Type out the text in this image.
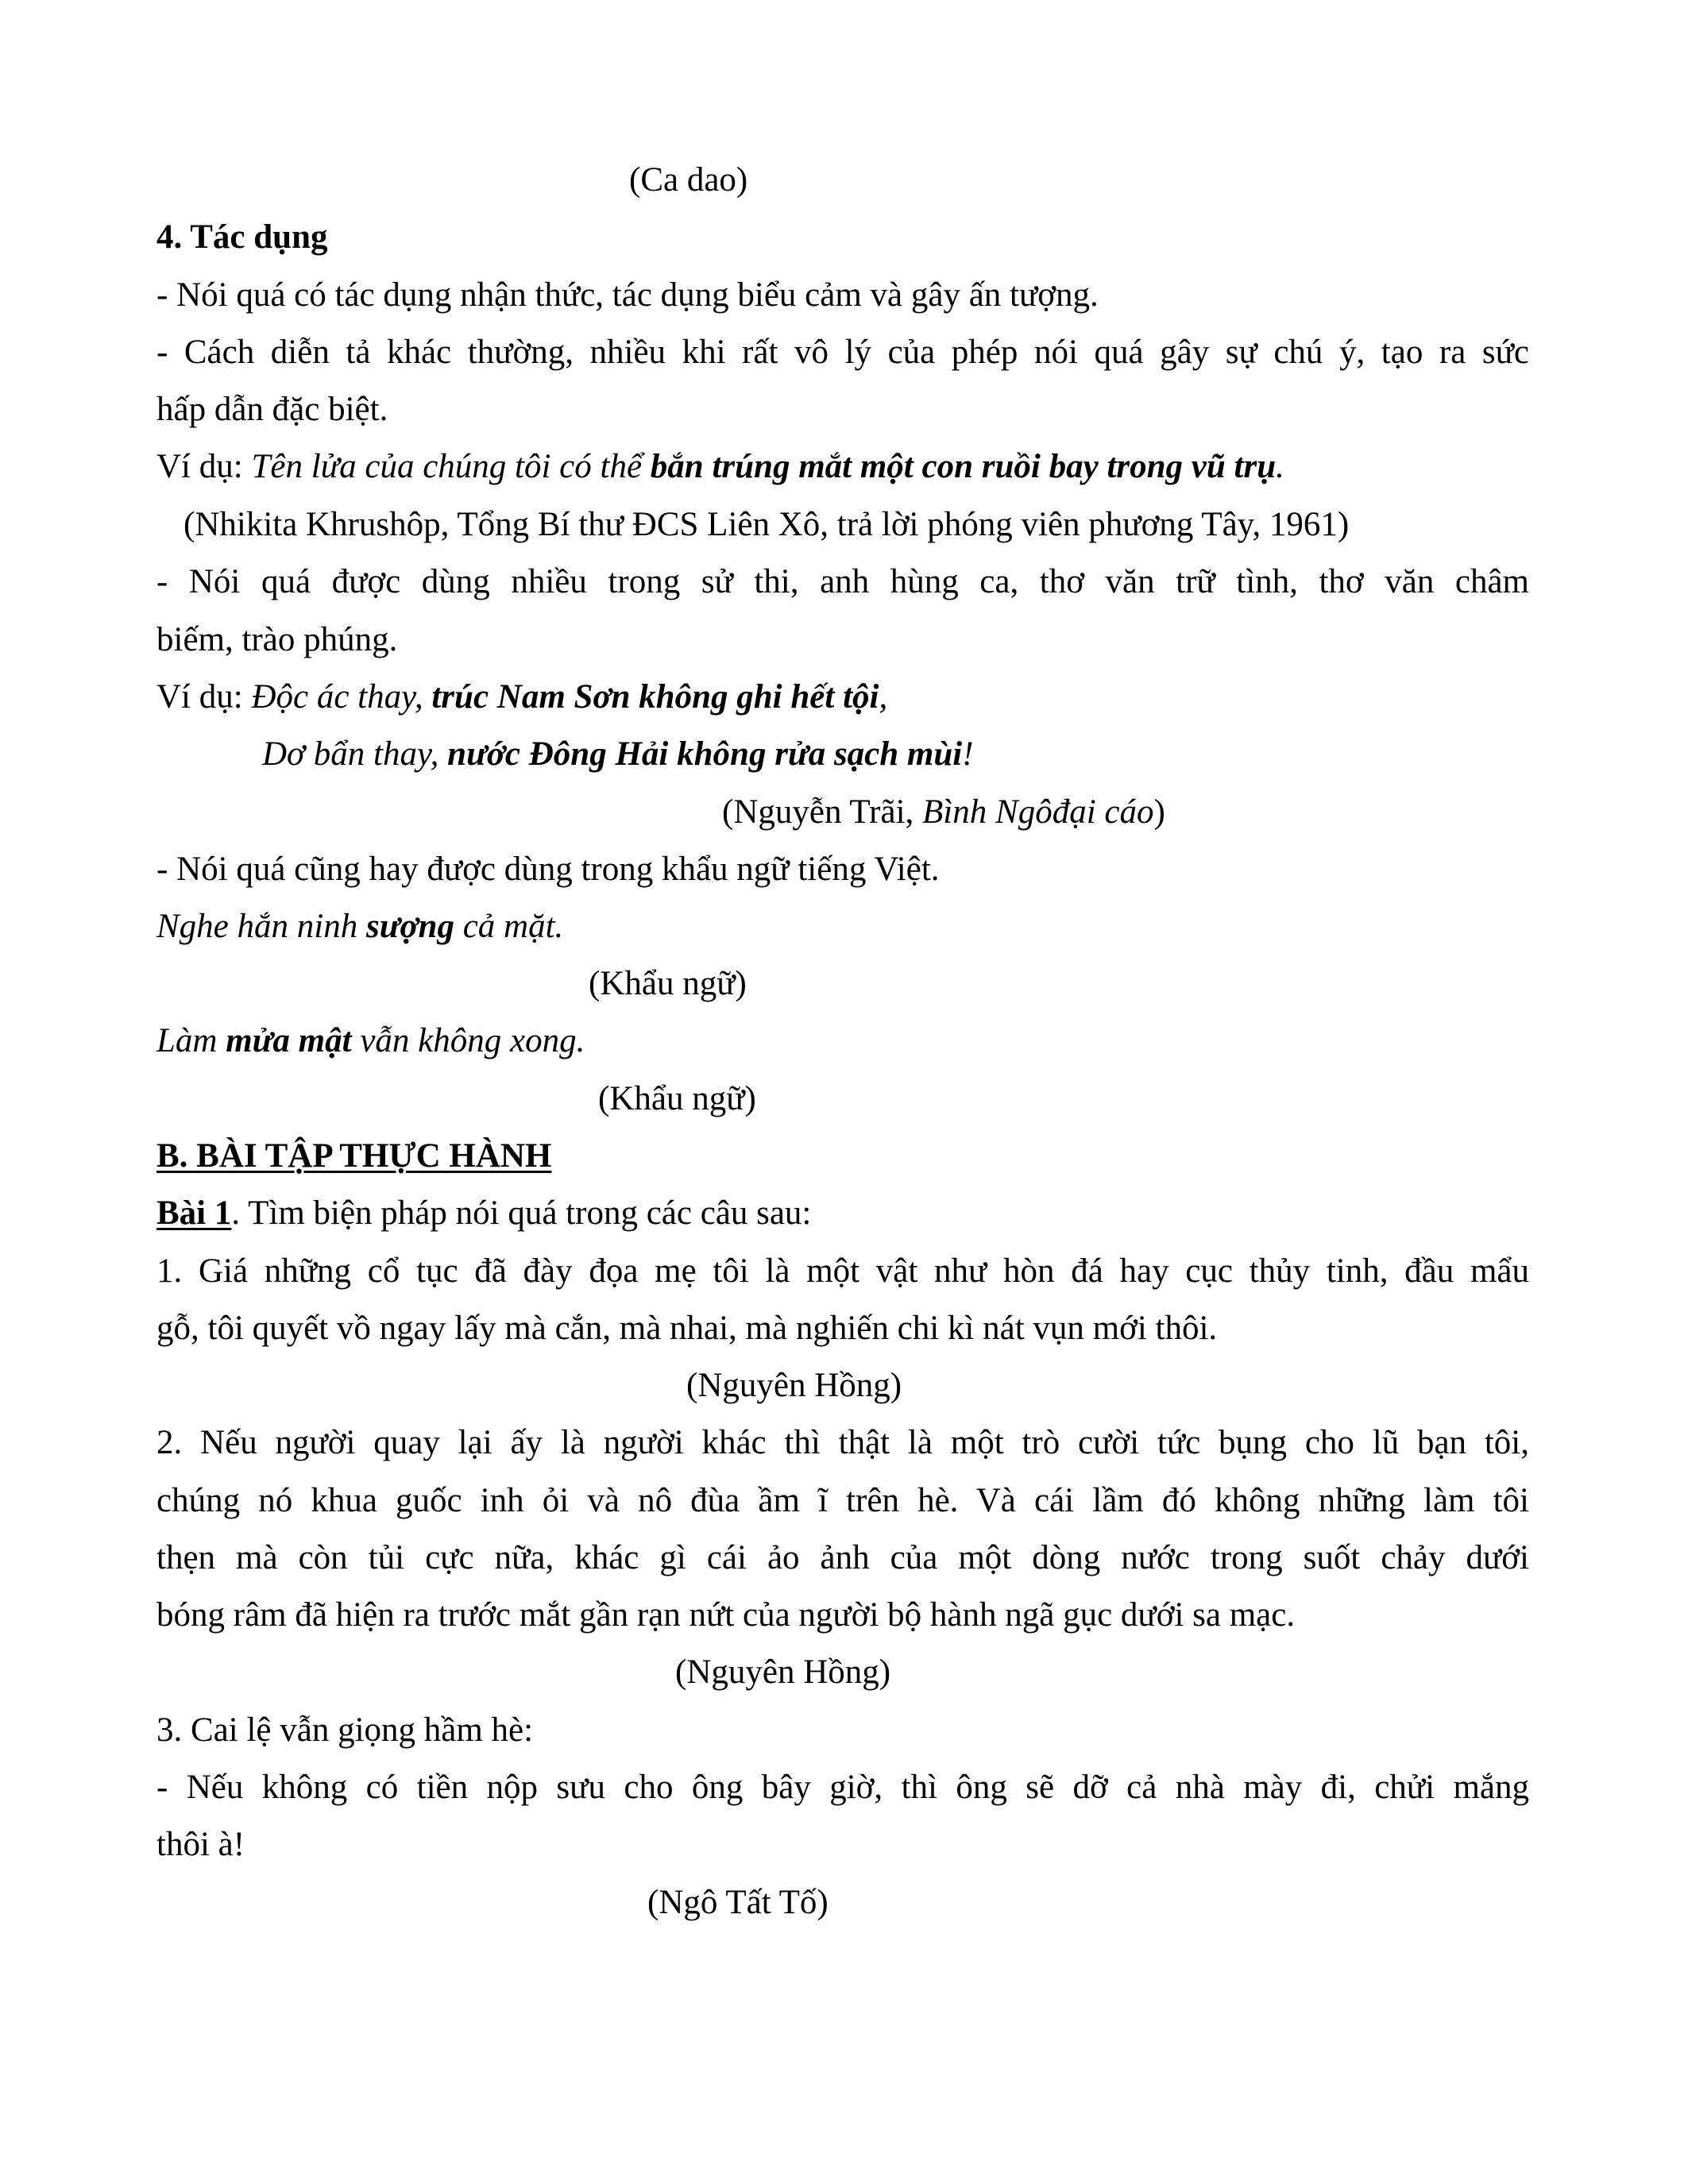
(Ca dao)
4. Tác dụng
- Nói quá có tác dụng nhận thức, tác dụng biểu cảm và gây ấn tượng.
- Cách diễn tả khác thường, nhiều khi rất vô lý của phép nói quá gây sự chú ý, tạo ra sức
hấp dẫn đặc biệt.
Ví dụ: Tên lửa của chúng tôi có thể bắn trúng mắt một con ruồi bay trong vũ trụ.
(Nhikita Khrushôp, Tổng Bí thư ĐCS Liên Xô, trả lời phóng viên phương Tây, 1961)
- Nói quá được dùng nhiều trong sử thi, anh hùng ca, thơ văn trữ tình, thơ văn châm
biếm, trào phúng.
Ví dụ: Độc ác thay, trúc Nam Sơn không ghi hết tội,
Dơ bẩn thay, nước Đông Hải không rửa sạch mùi!
(Nguyễn Trãi, Bình Ngôđại cáo)
- Nói quá cũng hay được dùng trong khẩu ngữ tiếng Việt.
Nghe hắn ninh sượng cả mặt.
(Khẩu ngữ)
Làm mửa mật vẫn không xong.
(Khẩu ngữ)
B. BÀI TẬP THỰC HÀNH
Bài 1. Tìm biện pháp nói quá trong các câu sau:
1. Giá những cổ tục đã đày đọa mẹ tôi là một vật như hòn đá hay cục thủy tinh, đầu mẩu
gỗ, tôi quyết vồ ngay lấy mà cắn, mà nhai, mà nghiến chi kì nát vụn mới thôi.
(Nguyên Hồng)
2. Nếu người quay lại ấy là người khác thì thật là một trò cười tức bụng cho lũ bạn tôi,
chúng nó khua guốc inh ỏi và nô đùa ầm ĩ trên hè. Và cái lầm đó không những làm tôi
thẹn mà còn tủi cực nữa, khác gì cái ảo ảnh của một dòng nước trong suốt chảy dưới
bóng râm đã hiện ra trước mắt gần rạn nứt của người bộ hành ngã gục dưới sa mạc.
(Nguyên Hồng)
3. Cai lệ vẫn giọng hầm hè:
- Nếu không có tiền nộp sưu cho ông bây giờ, thì ông sẽ dỡ cả nhà mày đi, chửi mắng
thôi à!
(Ngô Tất Tố)
